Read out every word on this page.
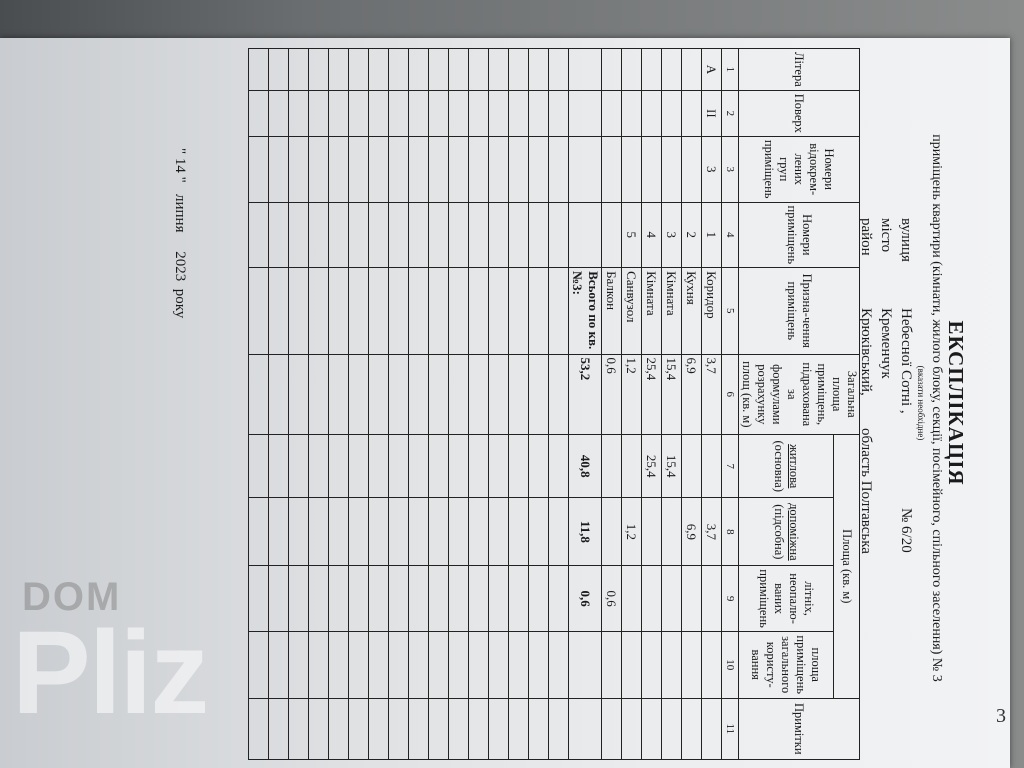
ЕКСПЛІКАЦІЯ
приміщень квартири (кімнати, жилого блоку, секції, посімейного, спільного заселення) № 3
(вказати необхідне)
вулиця
Небесної Сотні ,
№ 6/20
місто
Кременчук
район
Крюківський,
область Полтавська
Літера	Поверх	Номери відокрем-лених груп приміщень	Номери приміщень	Призна-чення приміщень	Загальна площа приміщень, підрахована за формулами розрахунку площ (кв. м)	Площа (кв. м)				Примітки
						житлова (основна)	допоміжна (підсобна)	літніх, неопалю-ваних приміщень	площа приміщень загального користу-вання	
1	2	3	4	5	6	7	8	9	10	11
А	II	3	1	Коридор	3,7		3,7			
			2	Кухня	6,9		6,9			
			3	Кімната	15,4	15,4				
			4	Кімната	25,4	25,4				
			5	Санвузол	1,2		1,2			
				Балкон	0,6			0,6		
				Всього по кв. №3:	53,2	40,8	11,8	0,6		

" 14 "   липня     2023  року
3
DOM
Pliz
